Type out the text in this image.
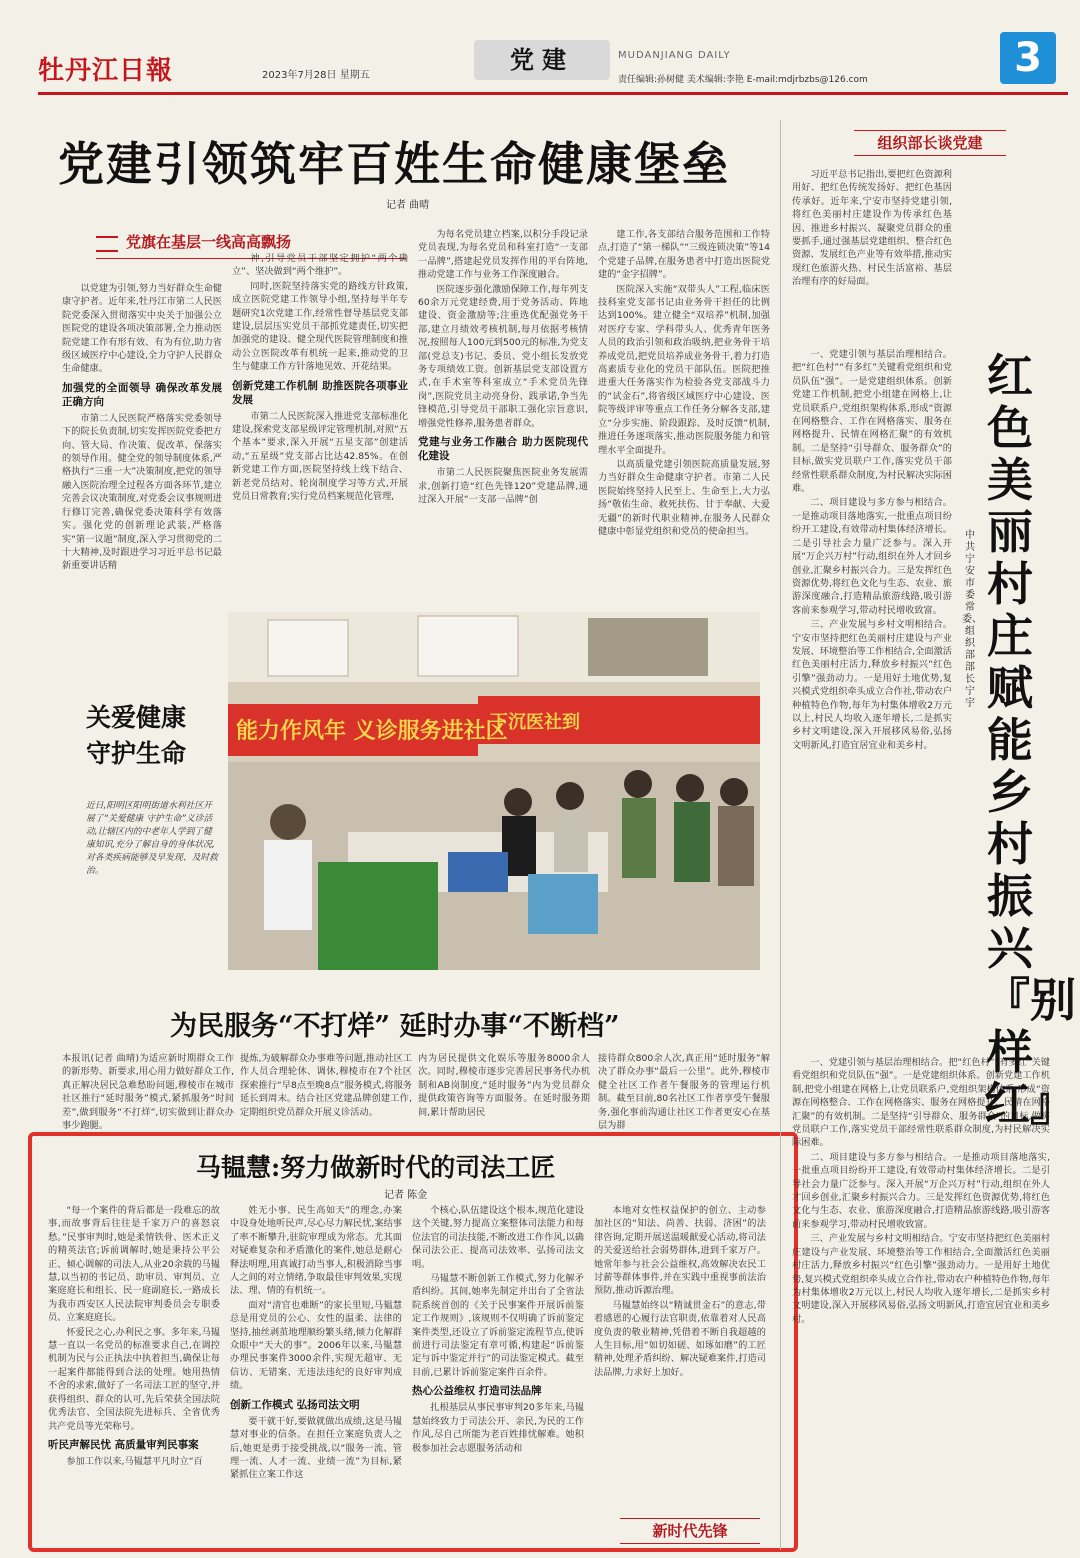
牡丹江日報	2023年7月28日 星期五
党建	MUDANJIANG DAILY
责任编辑:孙树健 美术编辑:李艳 E-mail:mdjrbzbs@126.com	3
党建引领筑牢百姓生命健康堡垒
记者 曲晴
党旗在基层一线高高飘扬

以党建为引领,努力当好群众生命健康守护者。近年来,牡丹江市第二人民医院党委深入贯彻落实中央关于加强公立医院党的建设各项决策部署,全力推动医院党建工作有形有效、有为有位,助力省级区域医疗中心建设,全力守护人民群众生命健康。

加强党的全面领导 确保改革发展正确方向

市第二人民医院严格落实党委领导下的院长负责制,切实发挥医院党委把方向、管大局、作决策、促改革、保落实的领导作用。健全党的领导制度体系,严格执行“三重一大”决策制度,把党的领导融入医院治理全过程各方面各环节,建立完善会议决策制度,对党委会议事规则进行修订完善,确保党委决策科学有效落实。强化党的创新理论武装,严格落实“第一议题”制度,深入学习贯彻党的二十大精神,及时跟进学习习近平总书记最新重要讲话精

神,引导党员干部坚定拥护“两个确立”、坚决做到“两个维护”。

同时,医院坚持落实党的路线方针政策,成立医院党建工作领导小组,坚持每半年专题研究1次党建工作,经常性督导基层党支部建设,层层压实党员干部抓党建责任,切实把加强党的建设、健全现代医院管理制度和推动公立医院改革有机统一起来,推动党的卫生与健康工作方针落地见效、开花结果。

创新党建工作机制 助推医院各项事业发展

市第二人民医院深入推进党支部标准化建设,探索党支部星级评定管理机制,对照“五个基本”要求,深入开展“五星支部”创建活动,“五星级”党支部占比达42.85%。在创新党建工作方面,医院坚持线上线下结合、新老党员结对、轮岗制度学习等方式,开展党员日常教育;实行党员档案规范化管理,

为每名党员建立档案,以积分手段记录党员表现,为每名党员和科室打造“一支部一品牌”,搭建起党员发挥作用的平台阵地,推动党建工作与业务工作深度融合。

医院逐步强化激励保障工作,每年列支60余万元党建经费,用于党务活动、阵地建设、资金激励等;注重选优配强党务干部,建立月绩效考核机制,每月依据考核情况,按照每人100元到500元的标准,为党支部(党总支)书记、委员、党小组长发放党务专项绩效工资。创新基层党支部设置方式,在手术室等科室成立“手术党员先锋岗”,医院党员主动亮身份、践承诺,争当先锋模范,引导党员干部职工强化宗旨意识,增强党性修养,服务患者群众。

党建与业务工作融合 助力医院现代化建设

市第二人民医院聚焦医院业务发展需求,创新打造“红色先锋120”党建品牌,通过深入开展“一支部一品牌”创

建工作,各支部结合服务范围和工作特点,打造了“第一梯队”“三级连锁决策”等14个党建子品牌,在服务患者中打造出医院党建的“金字招牌”。

医院深入实施“双带头人”工程,临床医技科室党支部书记由业务骨干担任的比例达到100%。建立健全“双培养”机制,加强对医疗专家、学科带头人、优秀青年医务人员的政治引领和政治吸纳,把业务骨干培养成党员,把党员培养成业务骨干,着力打造高素质专业化的党员干部队伍。医院把推进重大任务落实作为检验各党支部战斗力的“试金石”,将省级区域医疗中心建设、医院等级评审等重点工作任务分解各支部,建立“分步实施、阶段跟踪、及时反馈”机制,推进任务逐项落实,推动医院服务能力和管理水平全面提升。

以高质量党建引领医院高质量发展,努力当好群众生命健康守护者。市第二人民医院始终坚持人民至上、生命至上,大力弘扬“敬佑生命、救死扶伤、甘于奉献、大爱无疆”的新时代职业精神,在服务人民群众健康中彰显党组织和党员的使命担当。

能力作风年 义诊服务进社区
下沉医社到
关爱健康
守护生命
近日,阳明区阳明街道水利社区开展了“关爱健康 守护生命”义诊活动,让辖区内的中老年人学到了健康知识,充分了解自身的身体状况,对各类疾病能够及早发现、及时救治。
为民服务“不打烊” 延时办事“不断档”
本报讯(记者 曲晴)为适应新时期群众工作的新形势、新要求,用心用力做好群众工作,真正解决居民急难愁盼问题,穆棱市在城市社区推行“延时服务”模式,紧抓服务“时间差”,做到服务“不打烊”,切实做到让群众办事少跑腿。
提炼,为破解群众办事难等问题,推动社区工作人员合理轮休、调休,穆棱市在7个社区探索推行“早8点至晚8点”服务模式,将服务延长到周末。结合社区党建品牌创建工作,定期组织党员群众开展义诊活动。
内为居民提供文化娱乐等服务8000余人次。同时,穆棱市逐步完善居民事务代办机制和AB岗制度,“延时服务”内为党员群众提供政策咨询等方面服务。在延时服务期间,累计帮助居民
接待群众800余人次,真正用“延时服务”解决了群众办事“最后一公里”。此外,穆棱市健全社区工作者午餐服务的管理运行机制。截至目前,80名社区工作者享受午餐服务,强化事前沟通让社区工作者更安心在基层为群
马韫慧:努力做新时代的司法工匠
记者 陈金

“每一个案件的背后都是一段难忘的故事,而故事背后往往是千家万户的喜怒哀愁。”民事审判时,她是柔情铁骨、医术正义的精英法官;诉前调解时,她是秉持公平公正、倾心调解的司法人,从业20余载的马韫慧,以当初的书记员、助审员、审判员、立案庭庭长和组长、民一庭副庭长,一路成长为我市西安区人民法院审判委员会专职委员、立案庭庭长。

怀爱民之心,办利民之事。多年来,马韫慧一直以一名党员的标准要求自己,在调控机制为民与公正执法中执着担当,确保让每一起案件都能得到合法的处理。她用热情不舍的求索,做好了一名司法工匠的坚守,并获得组织、群众的认可,先后荣获全国法院优秀法官、全国法院先进标兵、全省优秀共产党员等光荣称号。

听民声解民忧 高质量审判民事案

参加工作以来,马韫慧平凡时立“百

姓无小事、民生高如天”的理念,办案中设身处地听民声,尽心尽力解民忧,案结事了率不断攀升,驻院审理成为常态。尤其面对疑难复杂和矛盾激化的案件,她总是耐心释法明理,用真诚打动当事人,积极消除当事人之间的对立情绪,争取最佳审判效果,实现法、理、情的有机统一。

面对“清官也难断”的家长里短,马韫慧总是用党员的公心、女性的温柔、法律的坚持,抽丝剥茧地理顺纷繁头绪,倾力化解群众眼中“天大的事”。2006年以来,马韫慧办理民事案件3000余件,实现无超审、无信访、无错案、无违法违纪的良好审判成绩。

创新工作模式 弘扬司法文明

要干就干好,要做就做出成绩,这是马韫慧对事业的信条。在担任立案庭负责人之后,她更是勇于接受挑战,以“服务一流、管理一流、人才一流、业绩一流”为目标,紧紧抓住立案工作这

个核心,队伍建设这个根本,规范化建设这个关键,努力提高立案整体司法能力和每位法官的司法技能,不断改进工作作风,以确保司法公正、提高司法效率、弘扬司法文明。

马韫慧不断创新工作模式,努力化解矛盾纠纷。其间,她率先制定并出台了全省法院系统首创的《关于民事案件开展诉前鉴定工作规则》,该规则不仅明确了诉前鉴定案件类型,还设立了诉前鉴定流程节点,使诉前进行司法鉴定有章可循,构建起“诉前鉴定与诉中鉴定并行”的司法鉴定模式。截至目前,已累计诉前鉴定案件百余件。

热心公益维权 打造司法品牌

扎根基层从事民事审判20多年来,马韫慧始终致力于司法公开、亲民,为民的工作作风,尽自己所能为老百姓排忧解难。她积极参加社会志愿服务活动和

本地对女性权益保护的创立、主动参加社区的“知法、尚善、扶弱、济困”的法律咨询,定期开展送温暖献爱心活动,将司法的关爱送给社会弱势群体,进到千家万户。她常年参与社会公益维权,高效解决农民工讨薪等群体事件,并在实践中重视事前法治预防,推动诉源治理。

马韫慧始终以“精诚贯金石”的意志,带着感恩的心履行法官职责,依靠着对人民高度负责的敬业精神,凭借着不断自我超越的人生目标,用“如切如磋、如琢如磨”的工匠精神,处理矛盾纠纷、解决疑难案件,打造司法品牌,力求好上加好。

新时代先锋
组织部长谈党建

习近平总书记指出,要把红色资源利用好、把红色传统发扬好、把红色基因传承好。近年来,宁安市坚持党建引领,将红色美丽村庄建设作为传承红色基因、推进乡村振兴、凝聚党员群众的重要抓手,通过强基层党建组织、整合红色资源、发展红色产业等有效举措,推动实现红色旅游火热、村民生活富裕、基层治理有序的好局面。

一、党建引领与基层治理相结合。把“红色村”“有多红”关键看党组织和党员队伍“强”。一是党建组织体系。创新党建工作机制,把党小组建在网格上,让党员联系户,党组织架构体系,形成“资源在网格整合、工作在网格落实、服务在网格提升、民情在网格汇聚”的有效机制。二是坚持“引导群众、服务群众”的目标,做实党员联户工作,落实党员干部经常性联系群众制度,为村民解决实际困难。

二、项目建设与多方参与相结合。一是推动项目落地落实,一批重点项目纷纷开工建设,有效带动村集体经济增长。二是引导社会力量广泛参与。深入开展“万企兴万村”行动,组织在外人才回乡创业,汇聚乡村振兴合力。三是发挥红色资源优势,将红色文化与生态、农业、旅游深度融合,打造精品旅游线路,吸引游客前来参观学习,带动村民增收致富。

三、产业发展与乡村文明相结合。宁安市坚持把红色美丽村庄建设与产业发展、环境整治等工作相结合,全面激活红色美丽村庄活力,释放乡村振兴“红色引擎”强劲动力。一是用好土地优势,复兴模式党组织牵头成立合作社,带动农户种植特色作物,每年为村集体增收2万元以上,村民人均收入逐年增长,二是抓实乡村文明建设,深入开展移风易俗,弘扬文明新风,打造宜居宜业和美乡村。

一、党建引领与基层治理相结合。把“红色村”“有多红”关键看党组织和党员队伍“强”。一是党建组织体系。创新党建工作机制,把党小组建在网格上,让党员联系户,党组织架构体系,形成“资源在网格整合、工作在网格落实、服务在网格提升、民情在网格汇聚”的有效机制。二是坚持“引导群众、服务群众”的目标,做实党员联户工作,落实党员干部经常性联系群众制度,为村民解决实际困难。

二、项目建设与多方参与相结合。一是推动项目落地落实,一批重点项目纷纷开工建设,有效带动村集体经济增长。二是引导社会力量广泛参与。深入开展“万企兴万村”行动,组织在外人才回乡创业,汇聚乡村振兴合力。三是发挥红色资源优势,将红色文化与生态、农业、旅游深度融合,打造精品旅游线路,吸引游客前来参观学习,带动村民增收致富。

三、产业发展与乡村文明相结合。宁安市坚持把红色美丽村庄建设与产业发展、环境整治等工作相结合,全面激活红色美丽村庄活力,释放乡村振兴“红色引擎”强劲动力。一是用好土地优势,复兴模式党组织牵头成立合作社,带动农户种植特色作物,每年为村集体增收2万元以上,村民人均收入逐年增长,二是抓实乡村文明建设,深入开展移风易俗,弘扬文明新风,打造宜居宜业和美乡村。

红色美丽村庄赋能乡村振兴『别样红』
中共宁安市委常委、组织部部长 宁宇
